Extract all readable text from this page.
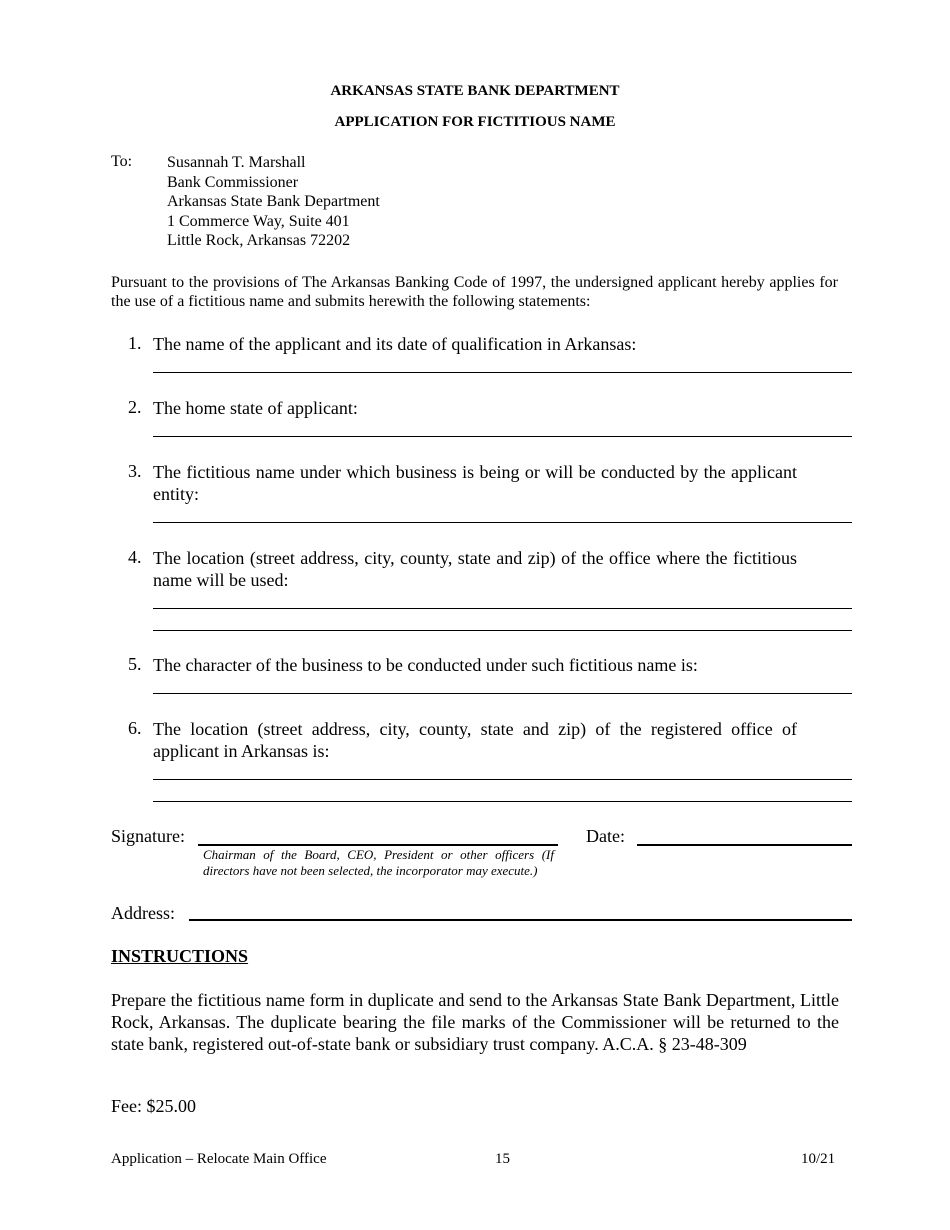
ARKANSAS STATE BANK DEPARTMENT
APPLICATION FOR FICTITIOUS NAME
To: Susannah T. Marshall
Bank Commissioner
Arkansas State Bank Department
1 Commerce Way, Suite 401
Little Rock, Arkansas 72202
Pursuant to the provisions of The Arkansas Banking Code of 1997, the undersigned applicant hereby applies for the use of a fictitious name and submits herewith the following statements:
1. The name of the applicant and its date of qualification in Arkansas:
2. The home state of applicant:
3. The fictitious name under which business is being or will be conducted by the applicant entity:
4. The location (street address, city, county, state and zip) of the office where the fictitious name will be used:
5. The character of the business to be conducted under such fictitious name is:
6. The location (street address, city, county, state and zip) of the registered office of applicant in Arkansas is:
Signature:
Chairman of the Board, CEO, President or other officers (If directors have not been selected, the incorporator may execute.)
Date:
Address:
INSTRUCTIONS
Prepare the fictitious name form in duplicate and send to the Arkansas State Bank Department, Little Rock, Arkansas. The duplicate bearing the file marks of the Commissioner will be returned to the state bank, registered out-of-state bank or subsidiary trust company. A.C.A. § 23-48-309
Fee: $25.00
Application – Relocate Main Office	15	10/21
